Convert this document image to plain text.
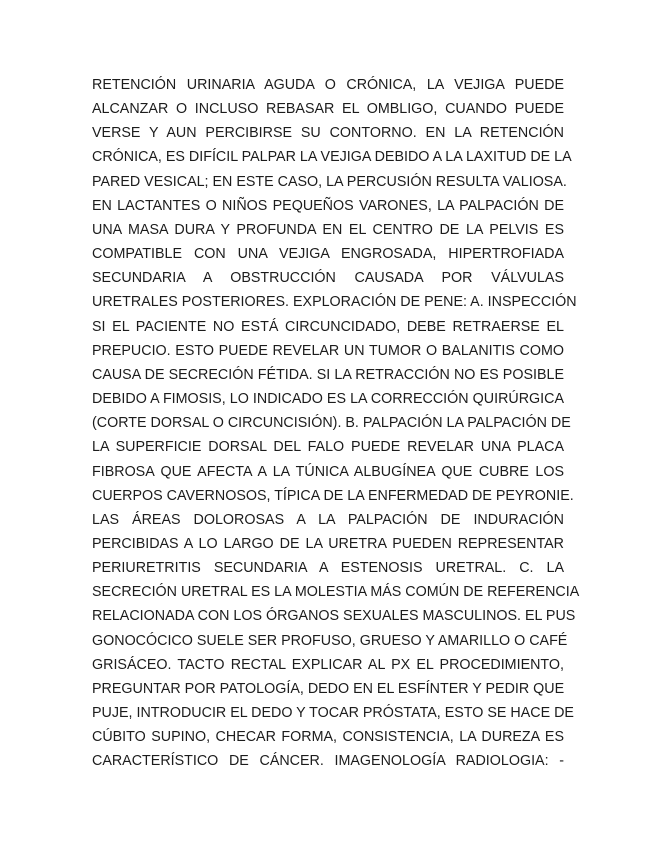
RETENCIÓN URINARIA AGUDA O CRÓNICA, LA VEJIGA PUEDE
ALCANZAR O INCLUSO REBASAR EL OMBLIGO, CUANDO PUEDE
VERSE Y AUN PERCIBIRSE SU CONTORNO. EN LA RETENCIÓN
CRÓNICA, ES DIFÍCIL PALPAR LA VEJIGA DEBIDO A LA LAXITUD DE LA
PARED VESICAL; EN ESTE CASO, LA PERCUSIÓN RESULTA VALIOSA.
EN LACTANTES O NIÑOS PEQUEÑOS VARONES, LA PALPACIÓN DE
UNA MASA DURA Y PROFUNDA EN EL CENTRO DE LA PELVIS ES
COMPATIBLE CON UNA VEJIGA ENGROSADA, HIPERTROFIADA
SECUNDARIA A OBSTRUCCIÓN CAUSADA POR VÁLVULAS
URETRALES POSTERIORES. EXPLORACIÓN DE PENE: A. INSPECCIÓN
SI EL PACIENTE NO ESTÁ CIRCUNCIDADO, DEBE RETRAERSE EL
PREPUCIO. ESTO PUEDE REVELAR UN TUMOR O BALANITIS COMO
CAUSA DE SECRECIÓN FÉTIDA. SI LA RETRACCIÓN NO ES POSIBLE
DEBIDO A FIMOSIS, LO INDICADO ES LA CORRECCIÓN QUIRÚRGICA
(CORTE DORSAL O CIRCUNCISIÓN). B. PALPACIÓN LA PALPACIÓN DE
LA SUPERFICIE DORSAL DEL FALO PUEDE REVELAR UNA PLACA
FIBROSA QUE AFECTA A LA TÚNICA ALBUGÍNEA QUE CUBRE LOS
CUERPOS CAVERNOSOS, TÍPICA DE LA ENFERMEDAD DE PEYRONIE.
LAS ÁREAS DOLOROSAS A LA PALPACIÓN DE INDURACIÓN
PERCIBIDAS A LO LARGO DE LA URETRA PUEDEN REPRESENTAR
PERIURETRITIS SECUNDARIA A ESTENOSIS URETRAL. C. LA
SECRECIÓN URETRAL ES LA MOLESTIA MÁS COMÚN DE REFERENCIA
RELACIONADA CON LOS ÓRGANOS SEXUALES MASCULINOS. EL PUS
GONOCÓCICO SUELE SER PROFUSO, GRUESO Y AMARILLO O CAFÉ
GRISÁCEO. TACTO RECTAL EXPLICAR AL PX EL PROCEDIMIENTO,
PREGUNTAR POR PATOLOGÍA, DEDO EN EL ESFÍNTER Y PEDIR QUE
PUJE, INTRODUCIR EL DEDO Y TOCAR PRÓSTATA, ESTO SE HACE DE
CÚBITO SUPINO, CHECAR FORMA, CONSISTENCIA, LA DUREZA ES
CARACTERÍSTICO DE CÁNCER. IMAGENOLOGÍA RADIOLOGIA: -
